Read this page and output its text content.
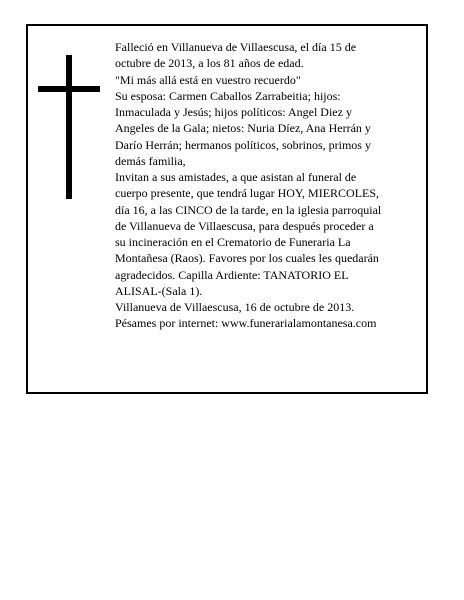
Falleció en Villanueva de Villaescusa, el día 15 de
octubre de 2013, a los 81 años de edad.
"Mi más allá está en vuestro recuerdo"
Su esposa: Carmen Caballos Zarrabeitia; hijos:
Inmaculada y Jesús; hijos políticos: Angel Diez y
Angeles de la Gala; nietos: Nuria Díez, Ana Herrán y
Darío Herrán; hermanos políticos, sobrinos, primos y
demás familia,
Invitan a sus amistades, a que asistan al funeral de
cuerpo presente, que tendrá lugar HOY, MIERCOLES,
día 16, a las CINCO de la tarde, en la iglesia parroquial
de Villanueva de Villaescusa, para después proceder a
su incineración en el Crematorio de Funeraria La
Montañesa (Raos). Favores por los cuales les quedarán
agradecidos. Capilla Ardiente: TANATORIO EL
ALISAL-(Sala 1).
Villanueva de Villaescusa, 16 de octubre de 2013.
Pésames por internet: www.funerarialamontanesa.com
